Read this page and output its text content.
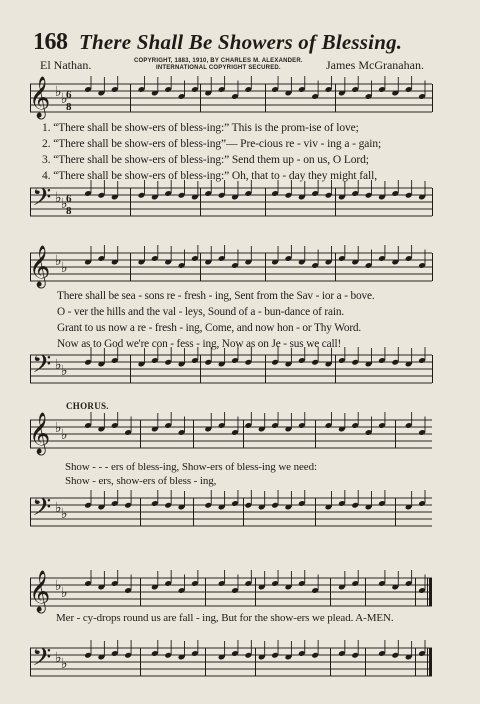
168 There Shall Be Showers of Blessing.
El Nathan.	COPYRIGHT, 1883, 1910, BY CHARLES M. ALEXANDER.
INTERNATIONAL COPYRIGHT SECURED.	James McGranahan.
𝄞 ♭ ♭
6
8
1. “There shall be show-ers of bless-ing:” This is the prom-ise of love;
2. “There shall be show-ers of bless-ing”— Pre-cious re - viv - ing a - gain;
3. “There shall be show-ers of bless-ing:” Send them up - on us, O Lord;
4. “There shall be show-ers of bless-ing:” Oh, that to - day they might fall,
𝄢 ♭ ♭
6
8
𝄞 ♭ ♭
There shall be sea - sons re - fresh - ing, Sent from the Sav - ior a - bove.
O - ver the hills and the val - leys, Sound of a - bun-dance of rain.
Grant to us now a re - fresh - ing, Come, and now hon - or Thy Word.
Now as to God we're con - fess - ing, Now as on Je - sus we call!
𝄢 ♭ ♭
CHORUS.
𝄞 ♭ ♭
Show - - - ers of bless-ing, Show-ers of bless-ing we need:
Show - ers, show-ers of bless - ing,
𝄢 ♭ ♭
𝄞 ♭ ♭
Mer - cy-drops round us are fall - ing, But for the show-ers we plead. A-MEN.
𝄢 ♭ ♭
